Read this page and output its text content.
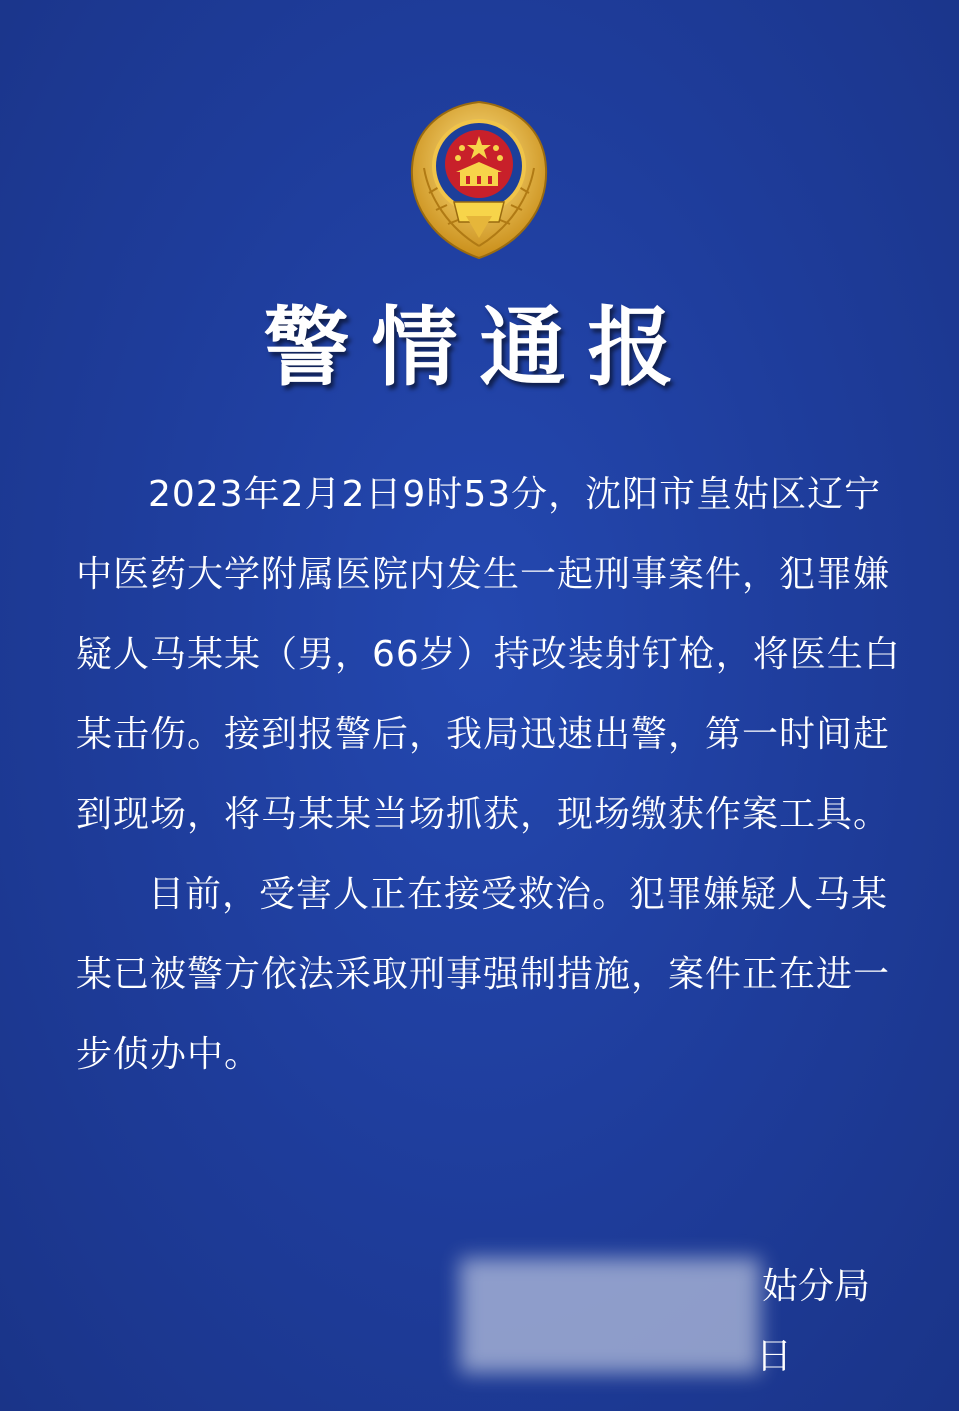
警情通报

2023年2月2日9时53分，沈阳市皇姑区辽宁中医药大学附属医院内发生一起刑事案件，犯罪嫌疑人马某某（男，66岁）持改装射钉枪，将医生白某击伤。接到报警后，我局迅速出警，第一时间赶到现场，将马某某当场抓获，现场缴获作案工具。

目前，受害人正在接受救治。犯罪嫌疑人马某某已被警方依法采取刑事强制措施，案件正在进一步侦办中。

姑分局
日
